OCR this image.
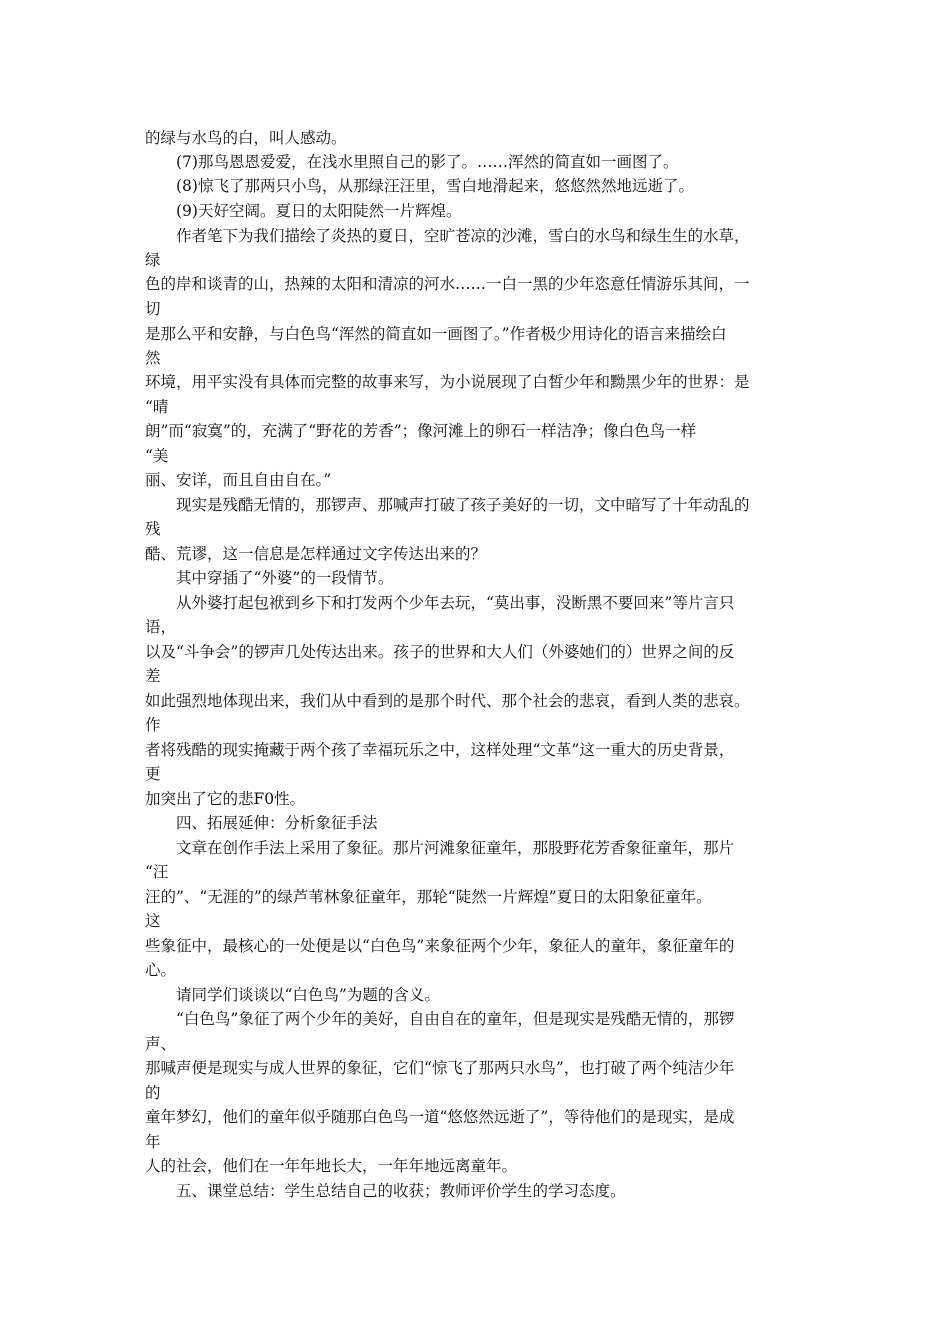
的绿与水鸟的白，叫人感动。
(7)那鸟恩恩爱爱，在浅水里照自己的影了。……浑然的简直如一画图了。
(8)惊飞了那两只小鸟，从那绿汪汪里，雪白地滑起来，悠悠然然地远逝了。
(9)天好空阔。夏日的太阳陡然一片辉煌。
作者笔下为我们描绘了炎热的夏日，空旷苍凉的沙滩，雪白的水鸟和绿生生的水草，
绿
色的岸和谈青的山，热辣的太阳和清凉的河水……一白一黑的少年恣意任情游乐其间，一
切
是那么平和安静，与白色鸟“浑然的简直如一画图了。”作者极少用诗化的语言来描绘白
然
环境，用平实没有具体而完整的故事来写，为小说展现了白皙少年和黝黑少年的世界：是
“晴
朗”而“寂寞”的，充满了“野花的芳香”；像河滩上的卵石一样洁净；像白色鸟一样
“美
丽、安详，而且自由自在。”
现实是残酷无情的，那锣声、那喊声打破了孩子美好的一切，文中暗写了十年动乱的
残
酷、荒谬，这一信息是怎样通过文字传达出来的？
其中穿插了“外婆”的一段情节。
从外婆打起包袱到乡下和打发两个少年去玩，“莫出事，没断黑不要回来”等片言只
语，
以及“斗争会”的锣声几处传达出来。孩子的世界和大人们（外婆她们的）世界之间的反
差
如此强烈地体现出来，我们从中看到的是那个时代、那个社会的悲哀，看到人类的悲哀。
作
者将残酷的现实掩藏于两个孩了幸福玩乐之中，这样处理“文革”这一重大的历史背景，
更
加突出了它的悲F0性。
四、拓展延伸：分析象征手法
文章在创作手法上采用了象征。那片河滩象征童年，那股野花芳香象征童年，那片
“汪
汪的”、“无涯的”的绿芦苇林象征童年，那轮“陡然一片辉煌”夏日的太阳象征童年。
这
些象征中，最核心的一处便是以“白色鸟”来象征两个少年，象征人的童年，象征童年的
心。
请同学们谈谈以“白色鸟”为题的含义。
“白色鸟”象征了两个少年的美好，自由自在的童年，但是现实是残酷无情的，那锣
声、
那喊声便是现实与成人世界的象征，它们“惊飞了那两只水鸟”，也打破了两个纯洁少年
的
童年梦幻，他们的童年似乎随那白色鸟一道“悠悠然远逝了”，等待他们的是现实，是成
年
人的社会，他们在一年年地长大，一年年地远离童年。
五、课堂总结：学生总结自己的收获；教师评价学生的学习态度。
